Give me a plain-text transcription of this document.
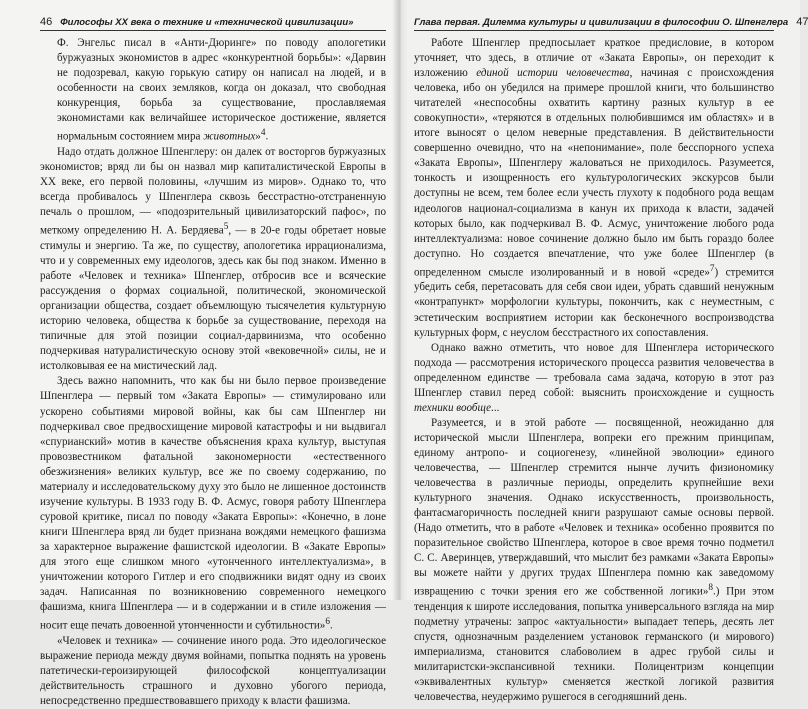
46 Философы XX века о технике и «технической цивилизации»

Ф. Энгельс писал в «Анти-Дюринге» по поводу апологетики буржуазных экономистов в адрес «конкурентной борьбы»: «Дарвин не подозревал, какую горькую сатиру он написал на людей, и в особенности на своих земляков, когда он доказал, что свободная конкуренция, борьба за существование, прославляемая экономистами как величайшее историческое достижение, является нормальным состоянием мира животных»$^4$.

Надо отдать должное Шпенглеру: он далек от восторгов буржуазных экономистов; вряд ли бы он назвал мир капиталистической Европы в XX веке, его первой половины, «лучшим из миров». Однако то, что всегда пробивалось у Шпенглера сквозь бесстрастно-отстраненную печаль о прошлом, — «подозрительный цивилизаторский пафос», по меткому определению Н. А. Бердяева$^5$, — в 20-е годы обретает новые стимулы и энергию. Та же, по существу, апологетика иррационализма, что и у современных ему идеологов, здесь как бы под знаком. Именно в работе «Человек и техника» Шпенглер, отбросив все и всяческие рассуждения о формах социальной, политической, экономической организации общества, создает объемлющую тысячелетия культурную историю человека, общества к борьбе за существование, переходя на типичные для этой позиции социал-дарвинизма, что особенно подчеркивая натуралистическую основу этой «вековечной» силы, не и истолковывая ее на мистический лад.

Здесь важно напомнить, что как бы ни было первое произведение Шпенглера — первый том «Заката Европы» — стимулировано или ускорено событиями мировой войны, как бы сам Шпенглер ни подчеркивал свое предвосхищение мировой катастрофы и ни выдвигал «спурианский» мотив в качестве объяснения краха культур, выступая провозвестником фатальной закономерности «естественного обезжизнения» великих культур, все же по своему содержанию, по материалу и исследовательскому духу это было не лишенное достоинств изучение культуры. В 1933 году В. Ф. Асмус, говоря работу Шпенглера суровой критике, писал по поводу «Заката Европы»: «Конечно, в лоне книги Шпенглера вряд ли будет признана вождями немецкого фашизма за характерное выражение фашистской идеологии. В «Закате Европы» для этого еще слишком много «утонченного интеллектуализма», в уничтожении которого Гитлер и его сподвижники видят одну из своих задач. Написанная по возникновению современного немецкого фашизма, книга Шпенглера — и в содержании и в стиле изложения — носит еще печать довоенной утонченности и субтильности»$^6$.

«Человек и техника» — сочинение иного рода. Это идеологическое выражение периода между двумя войнами, попытка поднять на уровень патетически-героизирующей философской концептуализации действительность страшного и духовно убогого периода, непосредственно предшествовавшего приходу к власти фашизма.

Глава первая. Дилемма культуры и цивилизации в философии О. Шпенглера 47

Работе Шпенглер предпосылает краткое предисловие, в котором уточняет, что здесь, в отличие от «Заката Европы», он переходит к изложению единой истории человечества, начиная с происхождения человека, ибо он убедился на примере прошлой книги, что большинство читателей «неспособны охватить картину разных культур в ее совокупности», «теряются в отдельных полюбившимся им областях» и в итоге выносят о целом неверные представления. В действительности совершенно очевидно, что на «непонимание», поле бесспорного успеха «Заката Европы», Шпенглеру жаловаться не приходилось. Разумеется, тонкость и изощренность его культурологических экскурсов были доступны не всем, тем более если учесть глухоту к подобного рода вещам идеологов национал-социализма в канун их прихода к власти, задачей которых было, как подчеркивал В. Ф. Асмус, уничтожение любого рода интеллектуализма: новое сочинение должно было им быть гораздо более доступно. Но создается впечатление, что уже более Шпенглер (в определенном смысле изолированный и в новой «среде»$^7$) стремится убедить себя, перетасовать для себя свои идеи, убрать сдавший ненужным «контрапункт» морфологии культуры, покончить, как с неуместным, с эстетическим восприятием истории как бесконечного воспроизводства культурных форм, с неуслом бесстрастного их сопоставления.

Однако важно отметить, что новое для Шпенглера исторического подхода — рассмотрения исторического процесса развития человечества в определенном единстве — требовала сама задача, которую в этот раз Шпенглер ставил перед собой: выяснить происхождение и сущность техники вообще...

Разумеется, и в этой работе — посвященной, неожиданно для исторической мысли Шпенглера, вопреки его прежним принципам, единому антропо- и социогенезу, «линейной эволюции» единого человечества, — Шпенглер стремится нынче лучить физиономику человечества в различные периоды, определить крупнейшие вехи культурного значения. Однако искусственность, произвольность, фантасмагоричность последней книги разрушают самые основы первой. (Надо отметить, что в работе «Человек и техника» особенно проявится по поразительное свойство Шпенглера, которое в свое время точно подметил С. С. Аверинцев, утверждавший, что мыслит без рамками «Заката Европы» вы можете найти у других трудах Шпенглера помню как заведомому извращению с точки зрения его же собственной логики»$^8$.) При этом тенденция к широте исследования, попытка универсального взгляда на мир подметну утрачены: запрос «актуальности» выпадает теперь, десять лет спустя, однозначным разделением установок германского (и мирового) империализма, становится слабоволием в адрес грубой силы и милитаристски-экспансивной техники. Полицентризм концепции «эквивалентных культур» сменяется жесткой логикой развития человечества, неудержимо рушегося в сегодняшний день.
